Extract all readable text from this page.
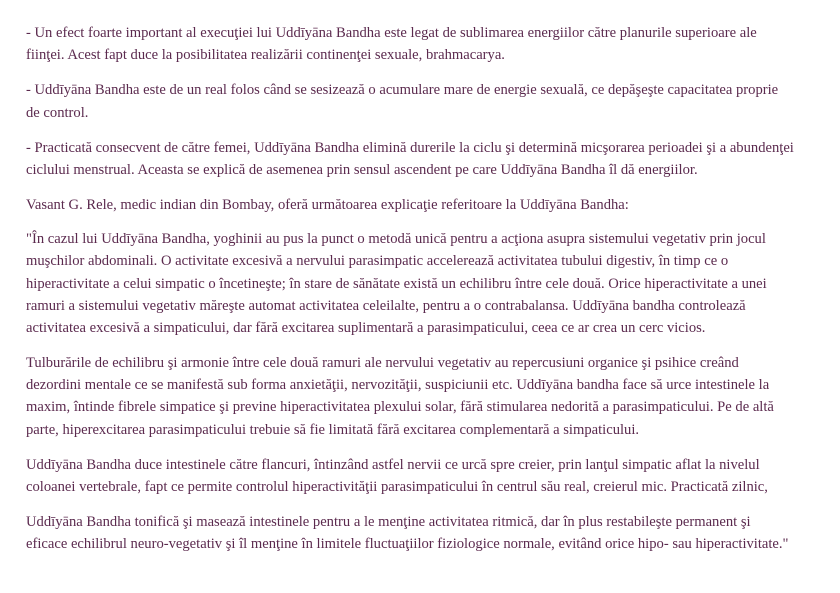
- Un efect foarte important al execuţiei lui Uddīyāna Bandha este legat de sublimarea energiilor către planurile superioare ale fiinţei. Acest fapt duce la posibilitatea realizării continenţei sexuale, brahmacarya.

- Uddīyāna Bandha este de un real folos când se sesizează o acumulare mare de energie sexuală, ce depăşeşte capacitatea proprie de control.

- Practicată consecvent de către femei, Uddīyāna Bandha elimină durerile la ciclu şi determină micşorarea perioadei şi a abundenţei ciclului menstrual. Aceasta se explică de asemenea prin sensul ascendent pe care Uddīyāna Bandha îl dă energiilor.

Vasant G. Rele, medic indian din Bombay, oferă următoarea explicaţie referitoare la Uddīyāna Bandha:

"În cazul lui Uddīyāna Bandha, yoghinii au pus la punct o metodă unică pentru a acţiona asupra sistemului vegetativ prin jocul muşchilor abdominali. O activitate excesivă a nervului parasimpatic accelerează activitatea tubului digestiv, în timp ce o hiperactivitate a celui simpatic o încetineşte; în stare de sănătate există un echilibru între cele două. Orice hiperactivitate a unei ramuri a sistemului vegetativ măreşte automat activitatea celeilalte, pentru a o contrabalansa. Uddīyāna bandha controlează activitatea excesivă a simpaticului, dar fără excitarea suplimentară a parasimpaticului, ceea ce ar crea un cerc vicios.

Tulburările de echilibru şi armonie între cele două ramuri ale nervului vegetativ au repercusiuni organice şi psihice creând dezordini mentale ce se manifestă sub forma anxietăţii, nervozităţii, suspiciunii etc. Uddīyāna bandha face să urce intestinele la maxim, întinde fibrele simpatice şi previne hiperactivitatea plexului solar, fără stimularea nedorită a parasimpaticului. Pe de altă parte, hiperexcitarea parasimpaticului trebuie să fie limitată fără excitarea complementară a simpaticului.

Uddīyāna Bandha duce intestinele către flancuri, întinzând astfel nervii ce urcă spre creier, prin lanţul simpatic aflat la nivelul coloanei vertebrale, fapt ce permite controlul hiperactivităţii parasimpaticului în centrul său real, creierul mic. Practicată zilnic,

Uddīyāna Bandha tonifică şi masează intestinele pentru a le menţine activitatea ritmică, dar în plus restabileşte permanent şi eficace echilibrul neuro-vegetativ şi îl menţine în limitele fluctuaţiilor fiziologice normale, evitând orice hipo- sau hiperactivitate."
